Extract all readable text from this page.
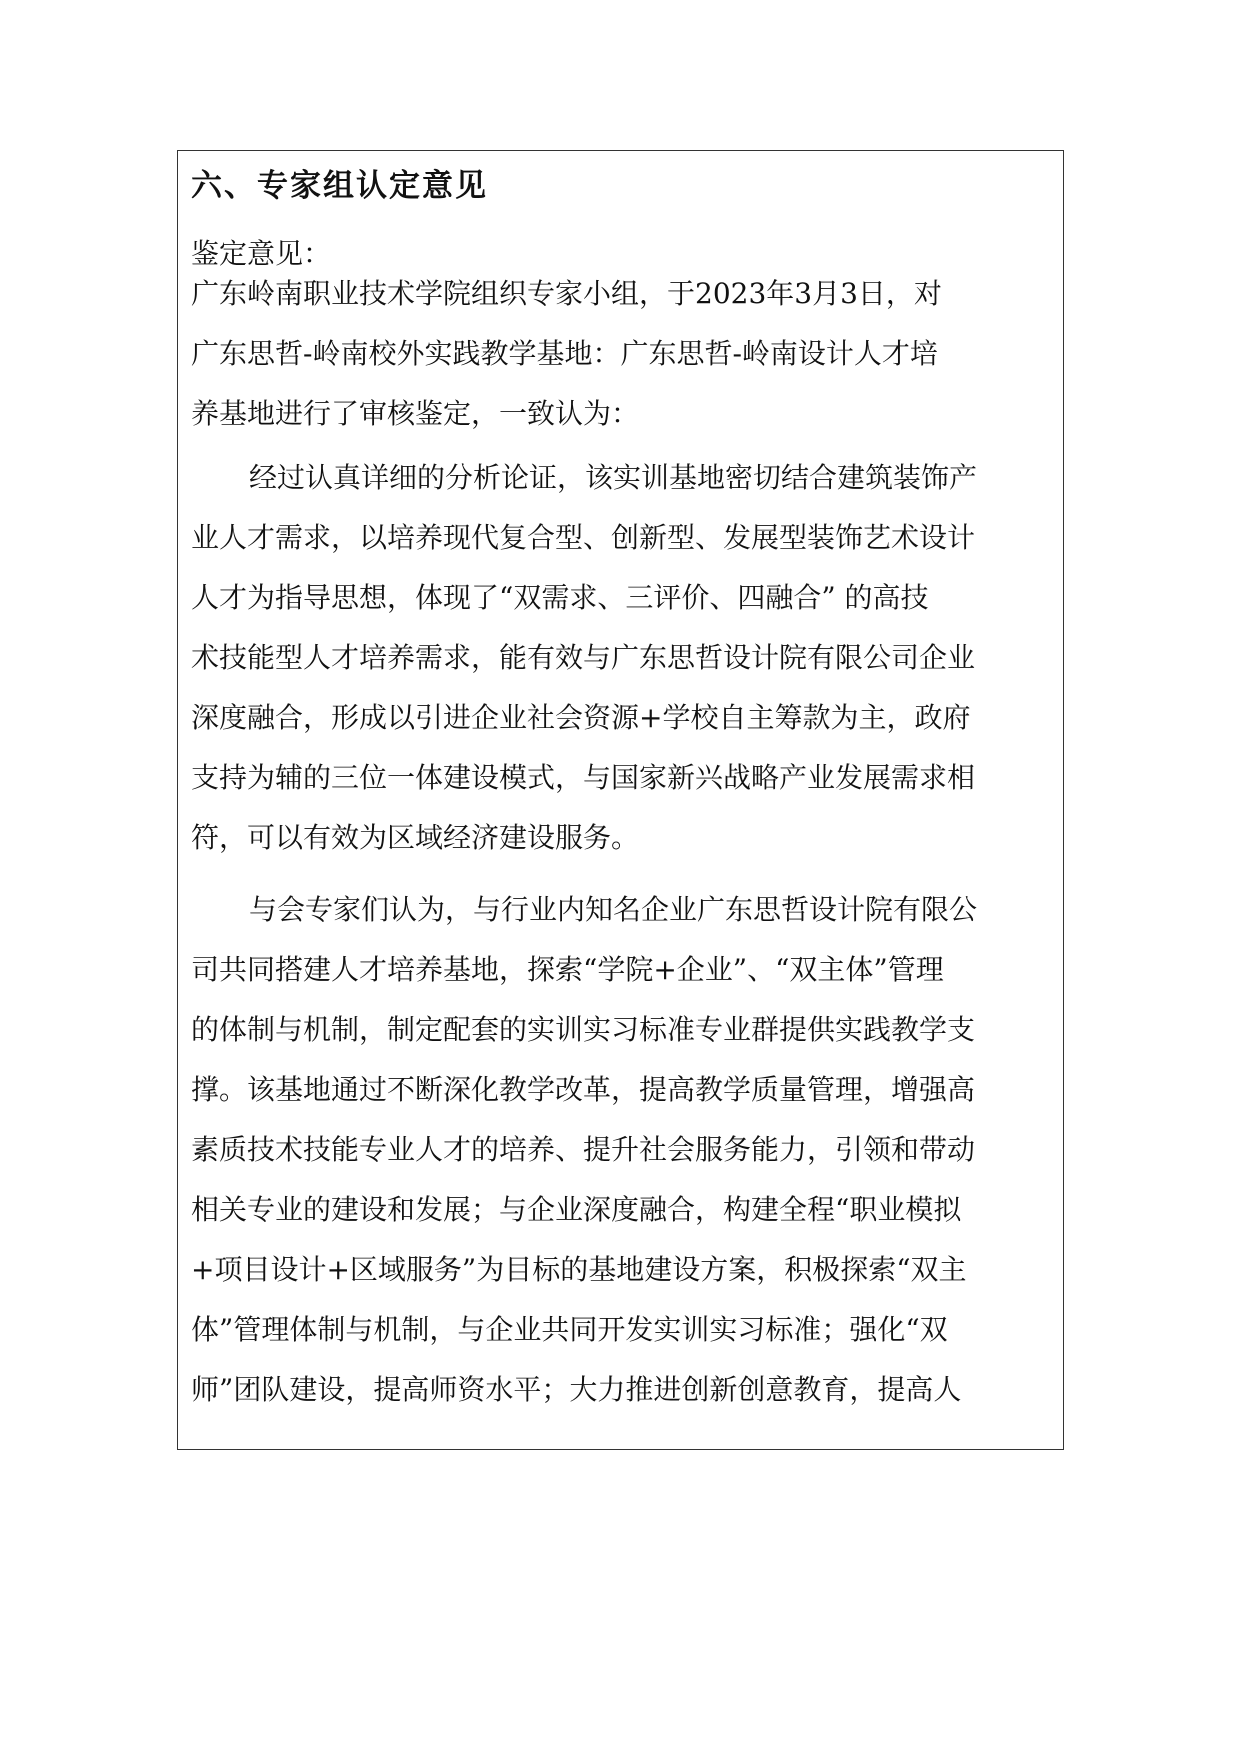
六、专家组认定意见
鉴定意见：
广东岭南职业技术学院组织专家小组，于2023年3月3日，对
广东思哲-岭南校外实践教学基地：广东思哲-岭南设计人才培
养基地进行了审核鉴定，一致认为：
经过认真详细的分析论证，该实训基地密切结合建筑装饰产
业人才需求，以培养现代复合型、创新型、发展型装饰艺术设计
人才为指导思想，体现了“双需求、三评价、四融合” 的高技
术技能型人才培养需求，能有效与广东思哲设计院有限公司企业
深度融合，形成以引进企业社会资源+学校自主筹款为主，政府
支持为辅的三位一体建设模式，与国家新兴战略产业发展需求相
符，可以有效为区域经济建设服务。
与会专家们认为，与行业内知名企业广东思哲设计院有限公
司共同搭建人才培养基地，探索“学院+企业”、“双主体”管理
的体制与机制，制定配套的实训实习标准专业群提供实践教学支
撑。该基地通过不断深化教学改革，提高教学质量管理，增强高
素质技术技能专业人才的培养、提升社会服务能力，引领和带动
相关专业的建设和发展；与企业深度融合，构建全程“职业模拟
+项目设计+区域服务”为目标的基地建设方案，积极探索“双主
体”管理体制与机制，与企业共同开发实训实习标准；强化“双
师”团队建设，提高师资水平；大力推进创新创意教育，提高人
